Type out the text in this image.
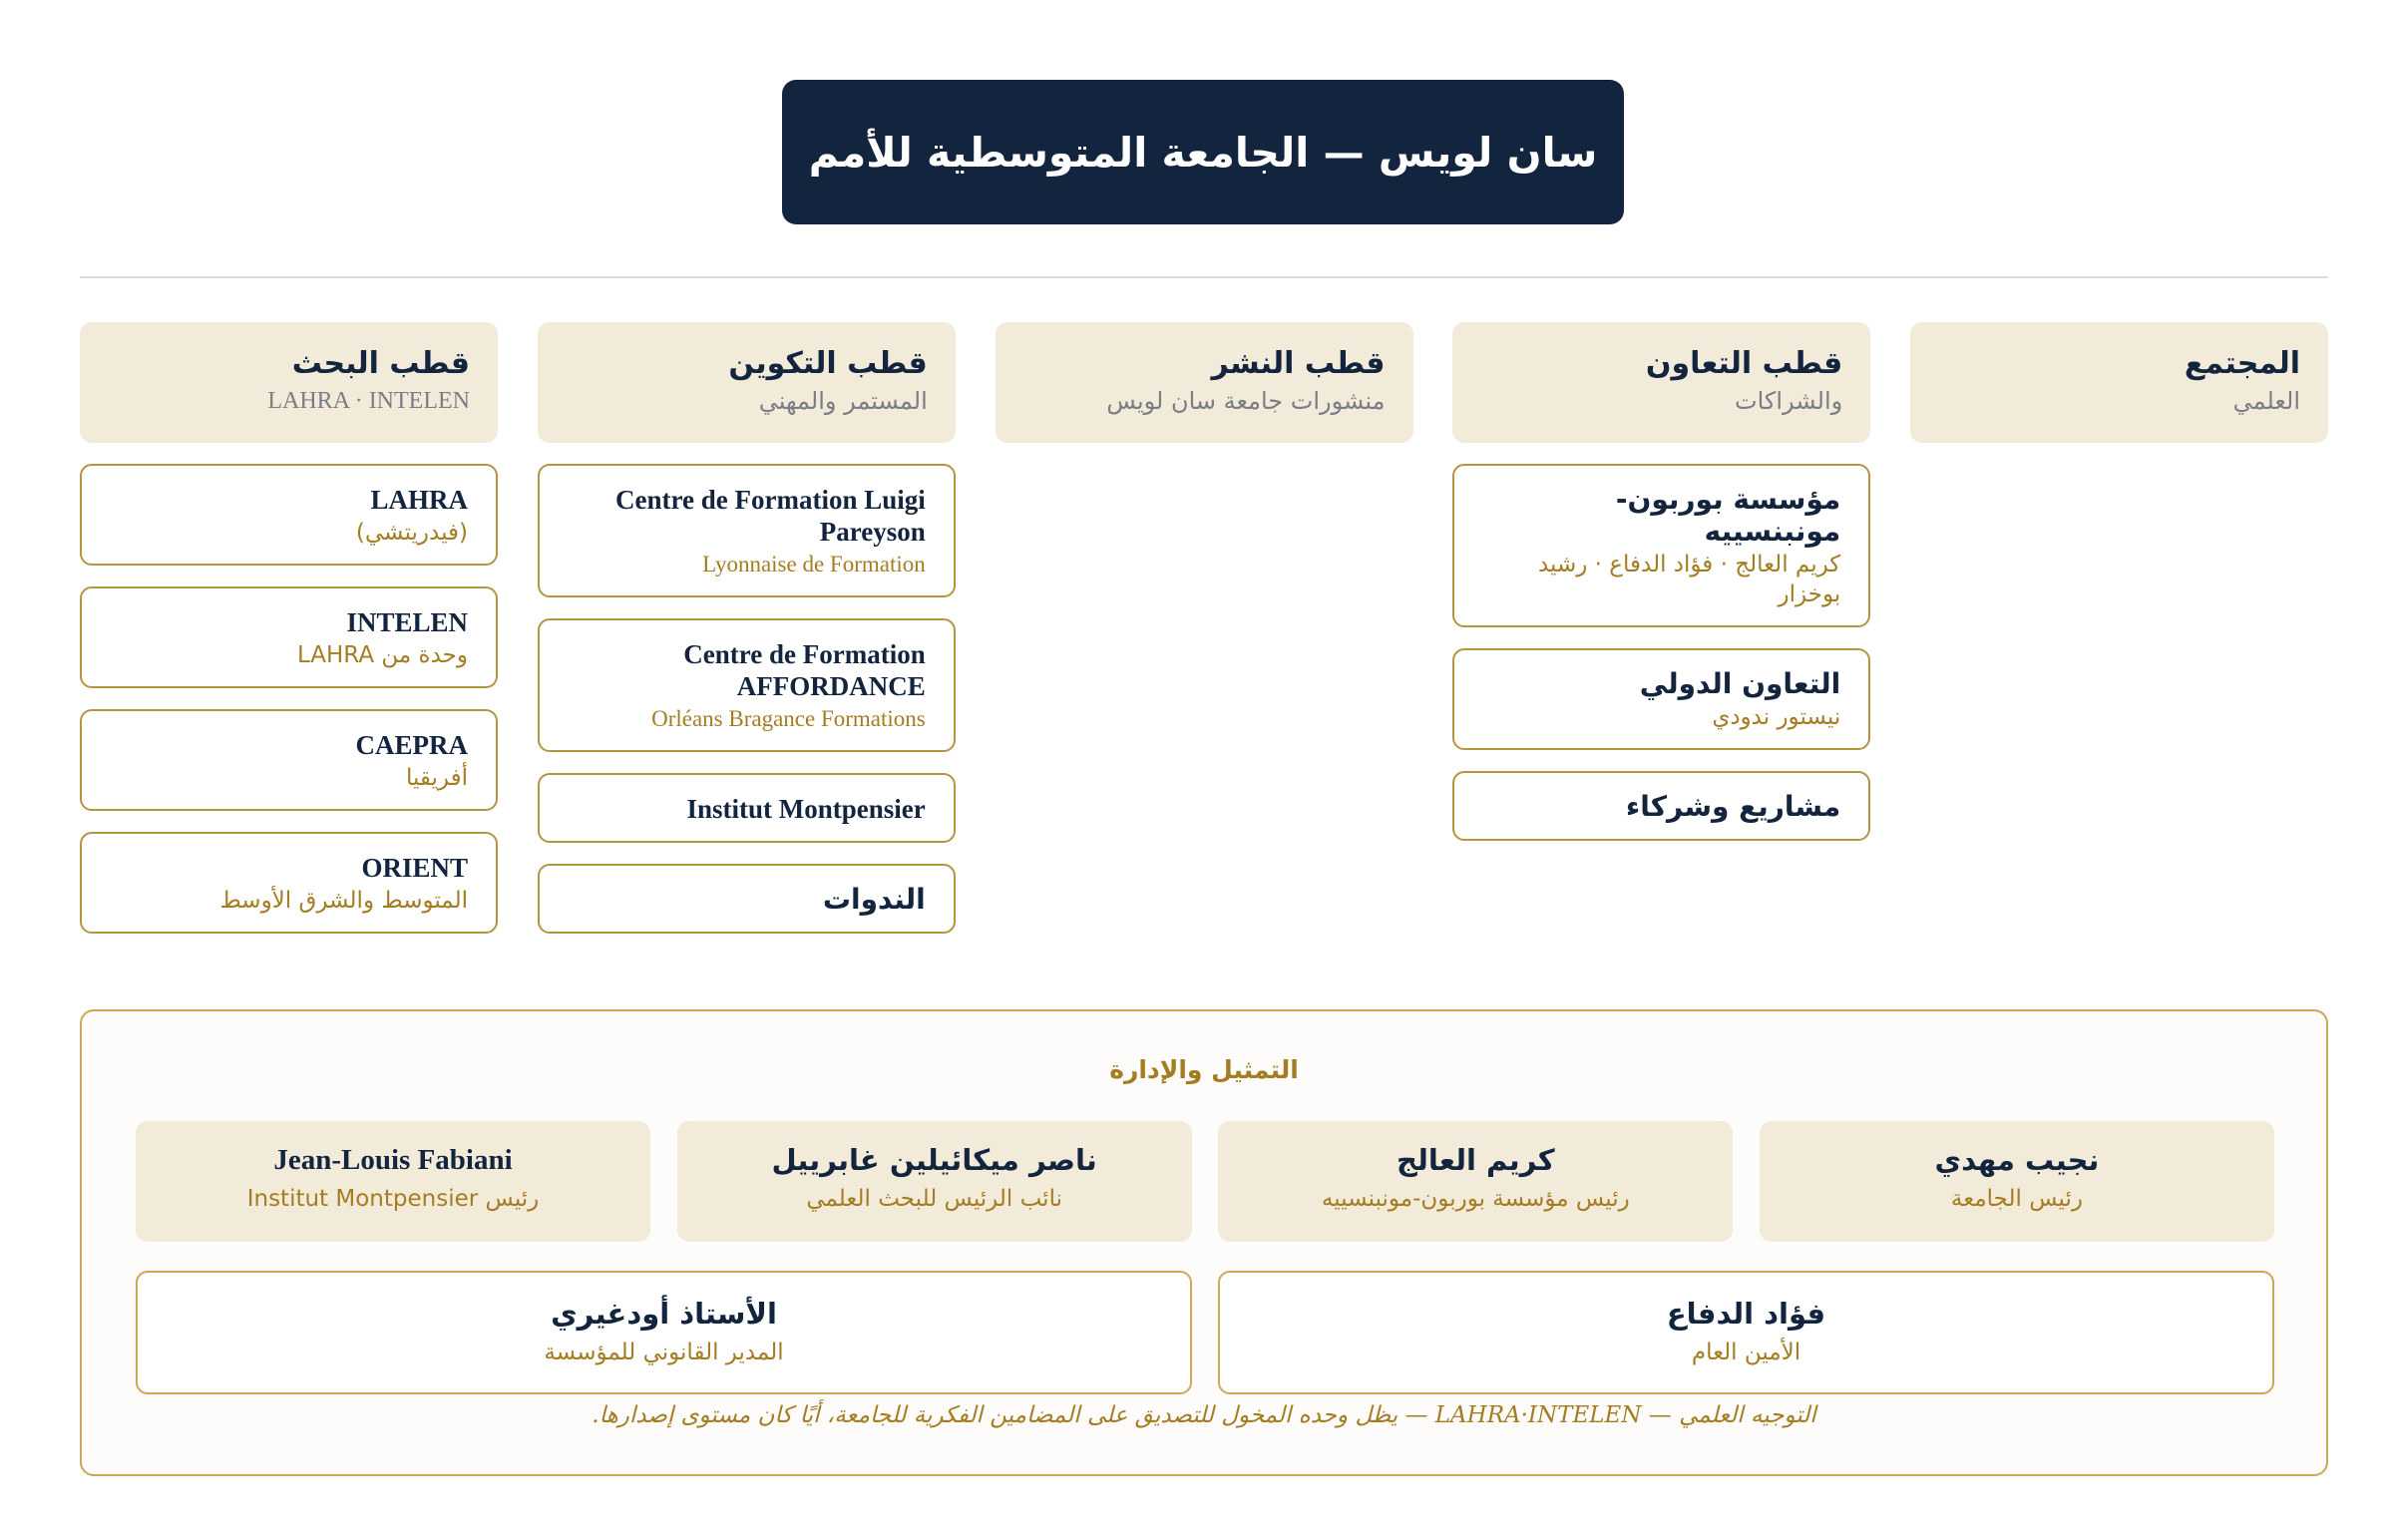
سان لويس — الجامعة المتوسطية للأمم
المجتمع
العلمي
قطب التعاون
والشراكات
مؤسسة بوربون-مونبنسييه
كريم العالج · فؤاد الدفاع · رشيد بوخزار
التعاون الدولي
نيستور ندودي
مشاريع وشركاء
قطب النشر
منشورات جامعة سان لويس
قطب التكوين
المستمر والمهني
Centre de Formation Luigi Pareyson
Lyonnaise de Formation
Centre de Formation AFFORDANCE
Orléans Bragance Formations
Institut Montpensier
الندوات
قطب البحث
LAHRA · INTELEN
LAHRA
(فيدريتشي)
INTELEN
وحدة من LAHRA
CAEPRA
أفريقيا
ORIENT
المتوسط والشرق الأوسط
التمثيل والإدارة
نجيب مهدي
رئيس الجامعة
كريم العالج
رئيس مؤسسة بوربون-مونبنسييه
ناصر ميكائيلين غابرييل
نائب الرئيس للبحث العلمي
Jean-Louis Fabiani
رئيس Institut Montpensier
فؤاد الدفاع
الأمين العام
الأستاذ أودغيري
المدير القانوني للمؤسسة
التوجيه العلمي — LAHRA·INTELEN — يظل وحده المخول للتصديق على المضامين الفكرية للجامعة، أيًا كان مستوى إصدارها.
